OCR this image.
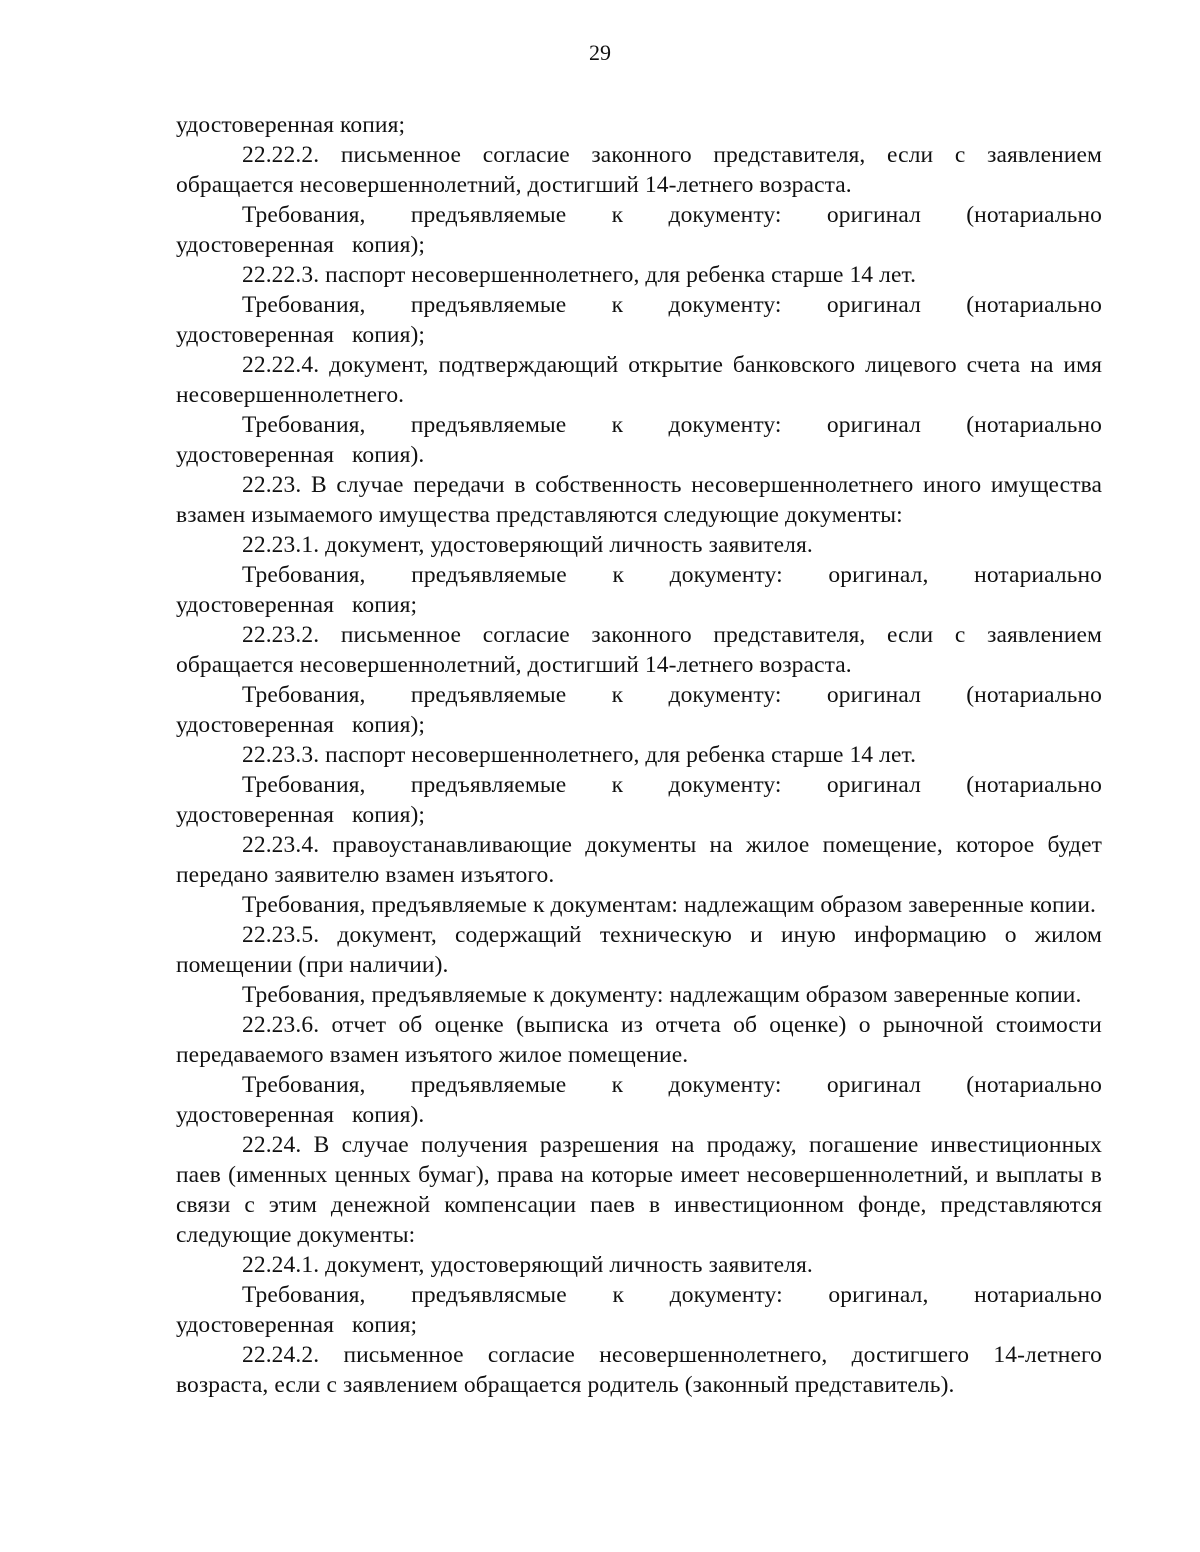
29

удостоверенная копия;

22.22.2. письменное согласие законного представителя, если с заявлением обращается несовершеннолетний, достигший 14-летнего возраста.

Требования, предъявляемые к документу: оригинал (нотариально удостоверенная копия);

22.22.3. паспорт несовершеннолетнего, для ребенка старше 14 лет.

Требования, предъявляемые к документу: оригинал (нотариально удостоверенная копия);

22.22.4. документ, подтверждающий открытие банковского лицевого счета на имя несовершеннолетнего.

Требования, предъявляемые к документу: оригинал (нотариально удостоверенная копия).

22.23. В случае передачи в собственность несовершеннолетнего иного имущества взамен изымаемого имущества представляются следующие документы:

22.23.1. документ, удостоверяющий личность заявителя.

Требования, предъявляемые к документу: оригинал, нотариально удостоверенная копия;

22.23.2. письменное согласие законного представителя, если с заявлением обращается несовершеннолетний, достигший 14-летнего возраста.

Требования, предъявляемые к документу: оригинал (нотариально удостоверенная копия);

22.23.3. паспорт несовершеннолетнего, для ребенка старше 14 лет.

Требования, предъявляемые к документу: оригинал (нотариально удостоверенная копия);

22.23.4. правоустанавливающие документы на жилое помещение, которое будет передано заявителю взамен изъятого.

Требования, предъявляемые к документам: надлежащим образом заверенные копии.

22.23.5. документ, содержащий техническую и иную информацию о жилом помещении (при наличии).

Требования, предъявляемые к документу: надлежащим образом заверенные копии.

22.23.6. отчет об оценке (выписка из отчета об оценке) о рыночной стоимости передаваемого взамен изъятого жилое помещение.

Требования, предъявляемые к документу: оригинал (нотариально удостоверенная копия).

22.24. В случае получения разрешения на продажу, погашение инвестиционных паев (именных ценных бумаг), права на которые имеет несовершеннолетний, и выплаты в связи с этим денежной компенсации паев в инвестиционном фонде, представляются следующие документы:

22.24.1. документ, удостоверяющий личность заявителя.

Требования, предъявлясмые к документу: оригинал, нотариально удостоверенная копия;

22.24.2. письменное согласие несовершеннолетнего, достигшего 14-летнего возраста, если с заявлением обращается родитель (законный представитель).
